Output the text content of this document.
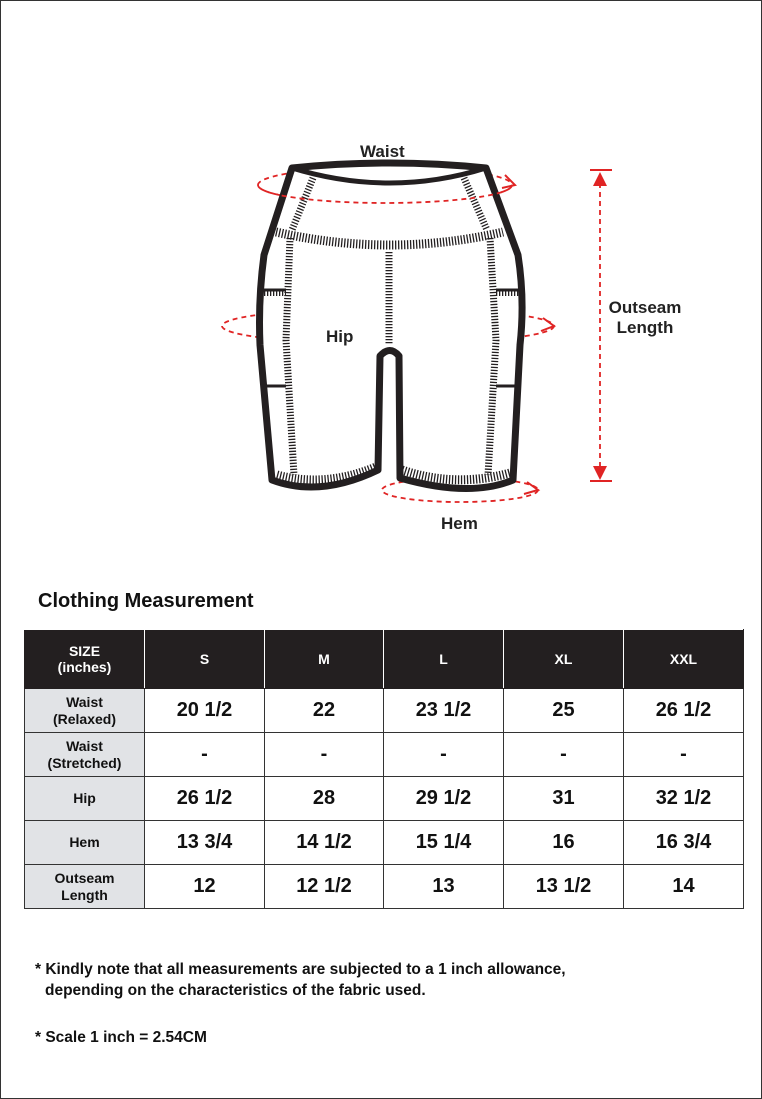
Waist
Hip
Hem
Outseam
Length
Clothing Measurement
SIZE
(inches)	S	M	L	XL	XXL
Waist
(Relaxed)	20 1/2	22	23 1/2	25	26 1/2
Waist
(Stretched)	-	-	-	-	-
Hip	26 1/2	28	29 1/2	31	32 1/2
Hem	13 3/4	14 1/2	15 1/4	16	16 3/4
Outseam
Length	12	12 1/2	13	13 1/2	14
* Kindly note that all measurements are subjected to a 1 inch allowance,
depending on the characteristics of the fabric used.
* Scale 1 inch = 2.54CM
